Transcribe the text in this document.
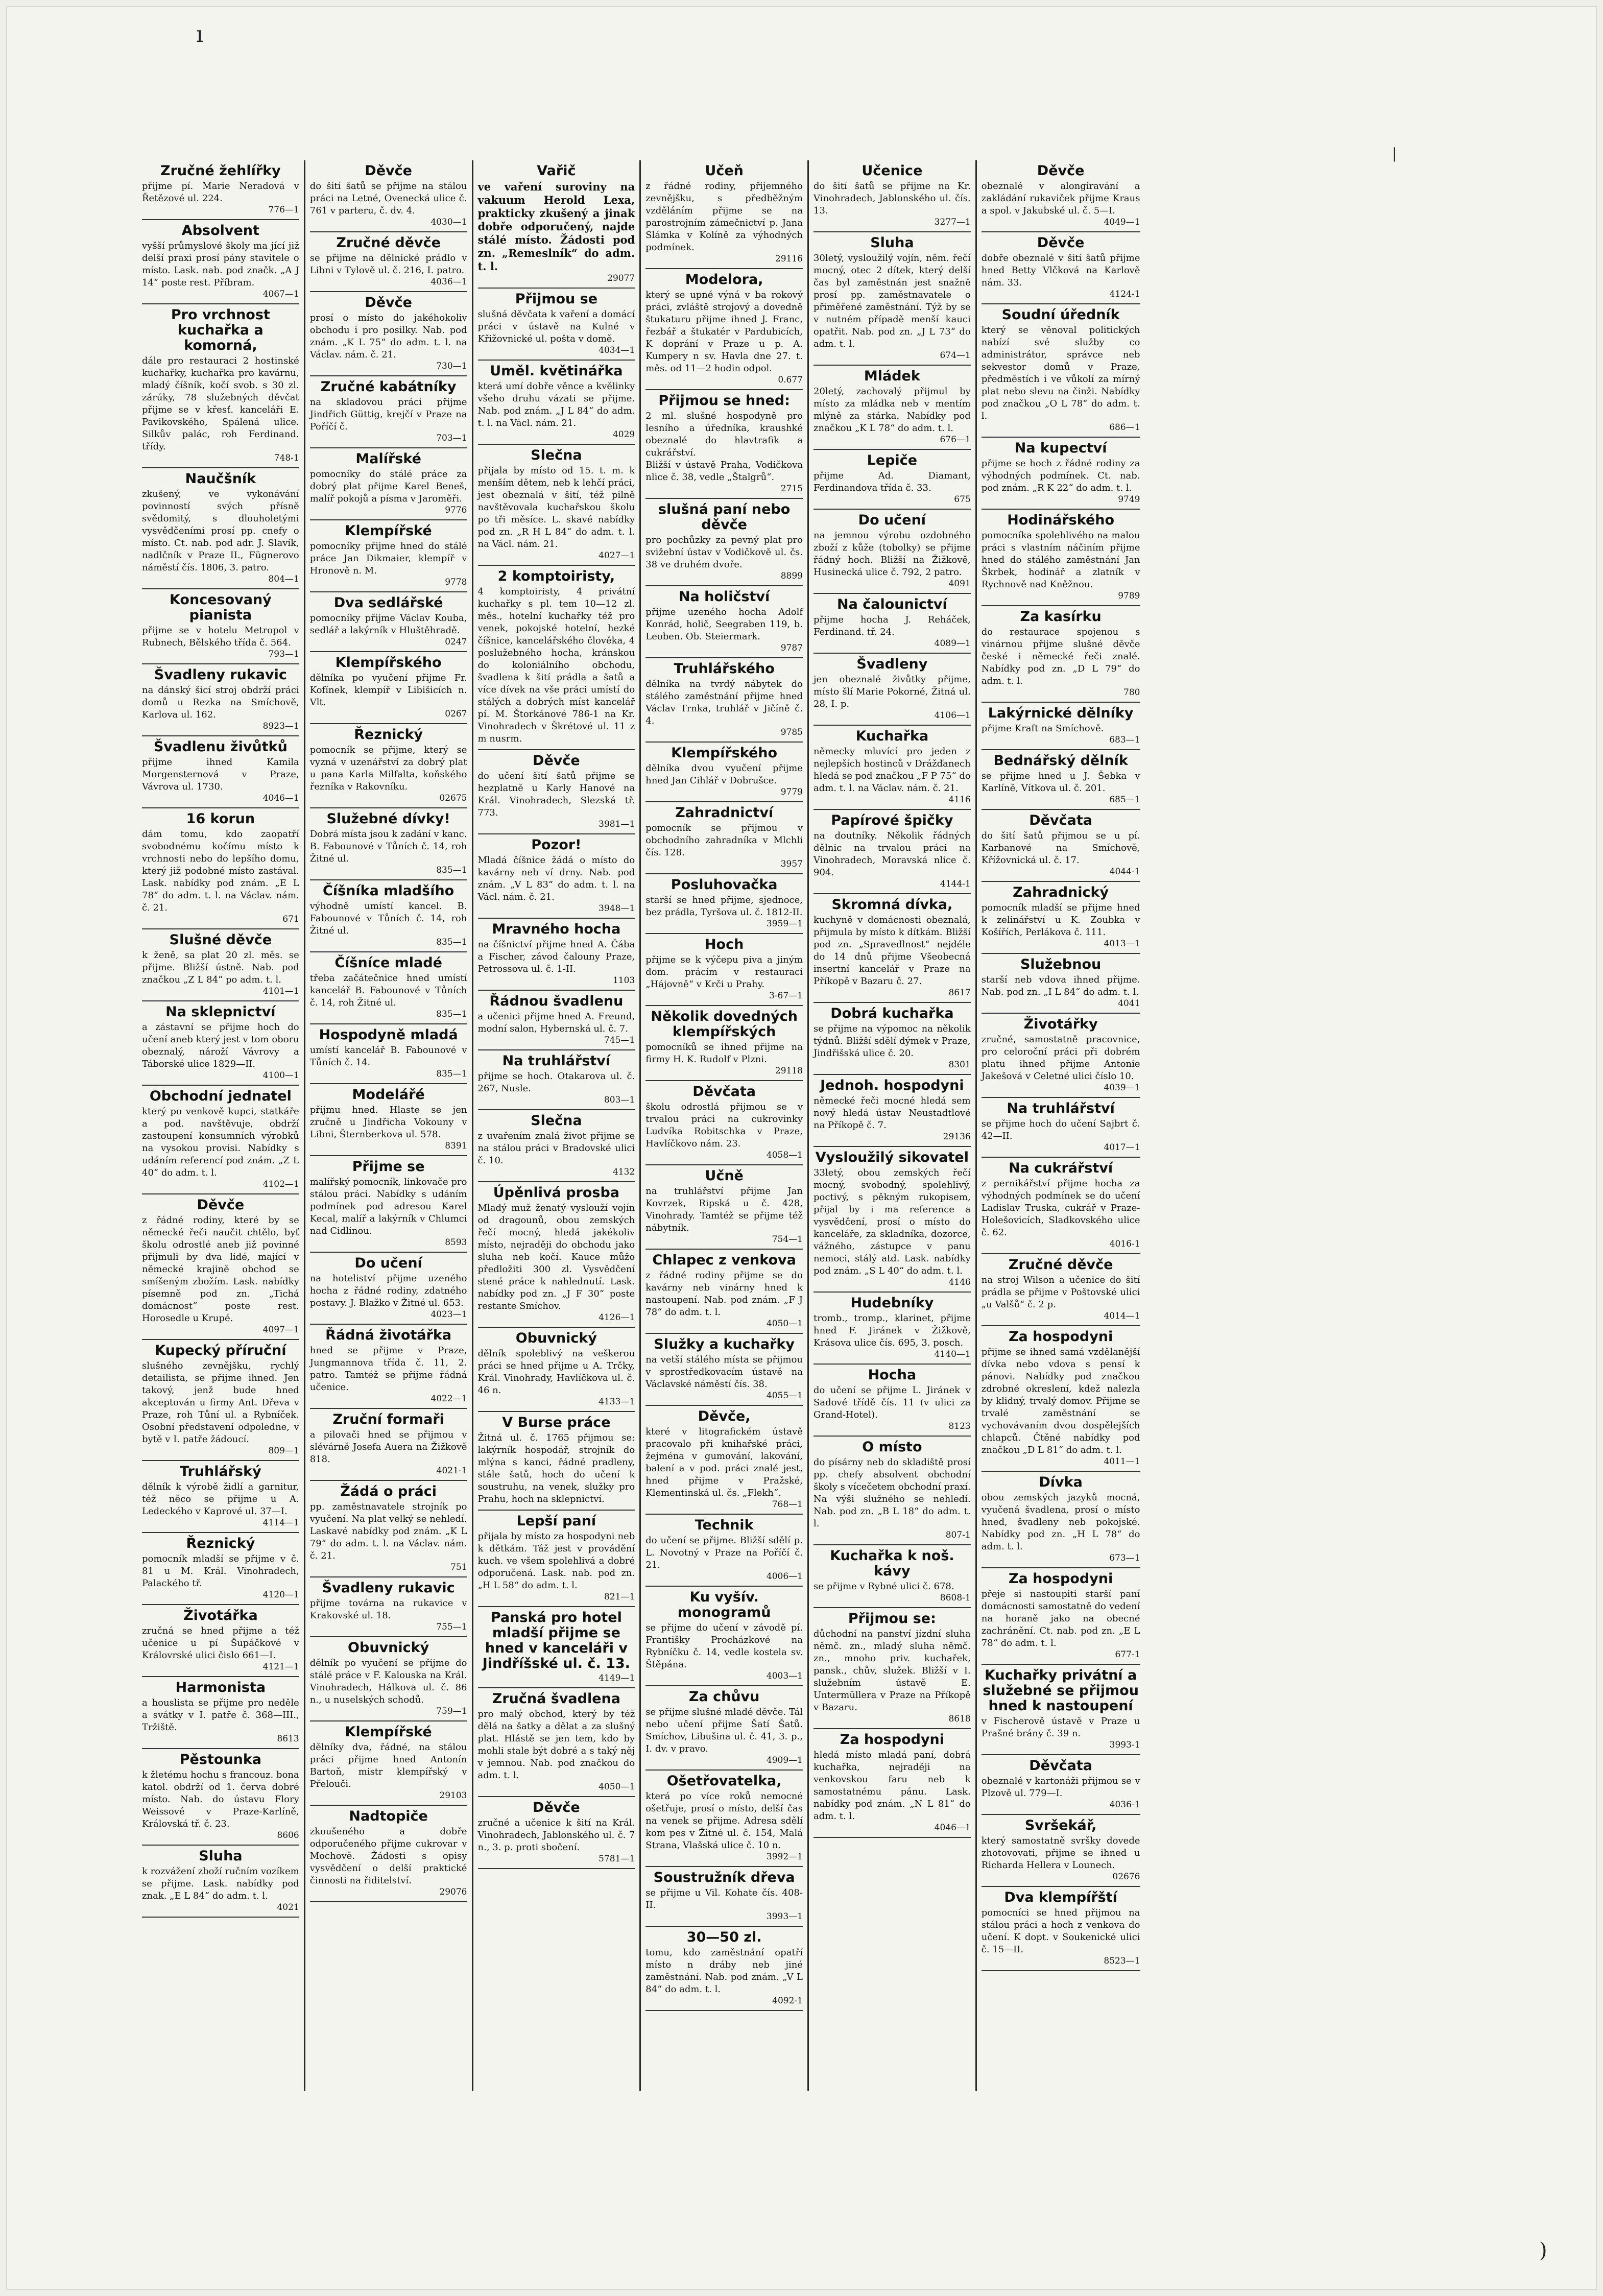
ı
|
)
Zručné žehlířky

přijme pí. Marie Neradová v Řetězové ul. 224.

776—1

Absolvent

vyšší průmyslové školy ma jící již delší praxi prosí pány stavitele o místo. Lask. nab. pod značk. „A J 14“ poste rest. Příbram.

4067—1

Pro vrchnost kuchařka a komorná,

dále pro restauraci 2 hostinské kuchařky, kuchařka pro kavárnu, mladý číšník, kočí svob. s 30 zl. zárúky, 78 služebných děvčat přijme se v křesť. kanceláři E. Pavikovského, Spálená ulice. Silkův palác, roh Ferdinand. třídy.

748-1

Naučšník

zkušený, ve vykonávání povinností svých přísně svědomitý, s dlouholetými vysvědčeními prosí pp. cnefy o místo. Ct. nab. pod adr. J. Slavík, nadlčník v Praze II., Fügnerovo náměstí čís. 1806, 3. patro.

804—1

Koncesovaný pianista

přijme se v hotelu Metropol v Rubnech, Bělského třída č. 564.

793—1

Švadleny rukavic

na dánský šicí stroj obdrží práci domů u Rezka na Smíchově, Karlova ul. 162.

8923—1

Švadlenu živůtků

přijme ihned Kamila Morgensternová v Praze, Vávrova ul. 1730.

4046—1

16 korun

dám tomu, kdo zaopatří svobodnému kočímu místo k vrchnosti nebo do lepšího domu, který již podobné místo zastával. Lask. nabídky pod znám. „E L 78“ do adm. t. l. na Václav. nám. č. 21.

671

Slušné děvče

k ženě, sa plat 20 zl. měs. se přijme. Bližší ústně. Nab. pod značkou „Z L 84“ po adm. t. l.

4101—1

Na sklepnictví

a zástavní se přijme hoch do učení aneb který jest v tom oboru obeznalý, nároží Vávrovy a Táborské ulice 1829—II.

4100—1

Obchodní jednatel

který po venkově kupci, statkáře a pod. navštěvuje, obdrží zastoupení konsumních výrobků na vysokou provisi. Nabídky s udáním referencí pod znám. „Z L 40“ do adm. t. l.

4102—1

Děvče

z řádné rodiny, které by se německé řeči naučit chtělo, byť školu odrostlé aneb již povinné přijmuli by dva lidé, mající v německé krajině obchod se smíšeným zbožím. Lask. nabídky písemně pod zn. „Tichá domácnost“ poste rest. Horosedle u Krupé.

4097—1

Kupecký příruční

slušného zevnějšku, rychlý detailista, se přijme ihned. Jen takový, jenž bude hned akceptován u firmy Ant. Dřeva v Praze, roh Tůní ul. a Rybníček. Osobní představení odpoledne, v bytě v I. patře žádoucí.

809—1

Truhlářský

dělník k výrobě židlí a garnitur, též něco se přijme u A. Ledeckého v Kaprové ul. 37—I.

4114—1

Řeznický

pomocník mladší se přijme v č. 81 u M. Král. Vinohradech, Palackého tř.

4120—1

Životářka

zručná se hned přijme a též učenice u pí Šupáčkové v Královrské ulici čislo 661—I.

4121—1

Harmonista

a houslista se přijme pro neděle a svátky v I. patře č. 368—III., Tržiště.

8613

Pěstounka

k žletému hochu s francouz. bona katol. obdrží od 1. červa dobré místo. Nab. do ústavu Flory Weissové v Praze-Karlíně, Královská tř. č. 23.

8606

Sluha

k rozvážení zboží ručním vozíkem se přijme. Lask. nabídky pod znak. „E L 84“ do adm. t. l.

4021

Děvče

do šití šatů se přijme na stálou práci na Letné, Ovenecká ulice č. 761 v parteru, č. dv. 4.

4030—1

Zručné děvče

se přijme na dělnické prádlo v Libni v Tylově ul. č. 216, I. patro.

4036—1

Děvče

prosí o místo do jakéhokoliv obchodu i pro posilky. Nab. pod znám. „K L 75“ do adm. t. l. na Václav. nám. č. 21.

730—1

Zručné kabátníky

na skladovou práci přijme Jindřich Güttig, krejčí v Praze na Poříčí č.

703—1

Malířské

pomocníky do stálé práce za dobrý plat přijme Karel Beneš, malíř pokojů a písma v Jaroměři.

9776

Klempířské

pomocníky přijme hned do stálé práce Jan Dikmaier, klempíř v Hronově n. M.

9778

Dva sedlářské

pomocníky přijme Václav Kouba, sedlář a lakýrník v Hluštěhradě.

0247

Klempířského

dělníka po vyučení přijme Fr. Kofínek, klempíř v Libišicích n. Vlt.

0267

Řeznický

pomocník se přijme, který se vyzná v uzenářství za dobrý plat u pana Karla Milfalta, koňského řezníka v Rakovníku.

02675

Služebné dívky!

Dobrá místa jsou k zadání v kanc. B. Fabounové v Tůních č. 14, roh Žitné ul.

835—1

Číšníka mladšího

výhodně umístí kancel. B. Fabounové v Tůních č. 14, roh Žitné ul.

835—1

Číšníce mladé

třeba začátečnice hned umístí kancelář B. Fabounové v Tůních č. 14, roh Žitné ul.

835—1

Hospodyně mladá

umístí kancelář B. Fabounové v Tůních č. 14.

835—1

Modelářé

přijmu hned. Hlaste se jen zručně u Jindřicha Vokouny v Libni, Šternberkova ul. 578.

8391

Přijme se

malířský pomocník, linkovače pro stálou práci. Nabídky s udáním podmínek pod adresou Karel Kecal, malíř a lakýrník v Chlumci nad Cidlinou.

8593

Do učení

na hoteliství přijme uzeného hocha z řádné rodiny, zdatného postavy. J. Blažko v Žitné ul. 653.

4023—1

Řádná životářka

hned se přijme v Praze, Jungmannova třída č. 11, 2. patro. Tamtéž se přijme řádná učenice.

4022—1

Zruční formaři

a pilovači hned se přijmou v slévárně Josefa Auera na Žižkově 818.

4021-1

Žádá o práci

pp. zaměstnavatele strojník po vyučení. Na plat velký se nehledí. Laskavé nabídky pod znám. „K L 79“ do adm. t. l. na Václav. nám. č. 21.

751

Švadleny rukavic

přijme továrna na rukavice v Krakovské ul. 18.

755—1

Obuvnický

dělník po vyučení se přijme do stálé práce v F. Kalouska na Král. Vinohradech, Hálkova ul. č. 86 n., u nuselských schodů.

759—1

Klempířské

dělníky dva, řádné, na stálou práci přijme hned Antonín Bartoň, mistr klempířský v Přelouči.

29103

Nadtopiče

zkoušeného a dobře odporučeného přijme cukrovar v Mochově. Žádosti s opisy vysvědčení o delší praktické činnosti na řiditelství.

29076

Vařič

ve vaření suroviny na vakuum Herold Lexa, prakticky zkušený a jinak dobře odporučený, najde stálé místo. Žádosti pod zn. „Remeslník“ do adm. t. l.

29077

Přijmou se

slušná děvčata k vaření a domácí práci v ústavě na Kulné v Křižovnické ul. pošta v domě.

4034—1

Uměl. květinářka

která umí dobře věnce a kvělinky všeho druhu vázati se přijme. Nab. pod znám. „J L 84“ do adm. t. l. na Václ. nám. 21.

4029

Slečna

přijala by místo od 15. t. m. k menším dětem, neb k lehčí práci, jest obeznalá v šití, též pilně navštěvovala kuchařskou školu po tři měsíce. L. skavé nabídky pod zn. „R H L 84“ do adm. t. l. na Václ. nám. 21.

4027—1

2 komptoiristy,

4 komptoiristy, 4 privátní kuchařky s pl. tem 10—12 zl. měs., hotelní kuchařky též pro venek, pokojské hotelní, hezké číšnice, kancelářského člověka, 4 poslužebného hocha, kránskou do koloniálního obchodu, švadlena k šití prádla a šatů a více dívek na vše práci umístí do stálých a dobrých míst kancelář pí. M. Štorkánové 786-1 na Kr. Vinohradech v Škrétové ul. 11 z m nusrm.

Děvče

do učení šití šatů přijme se hezplatně u Karly Hanové na Král. Vinohradech, Slezská tř. 773.

3981—1

Pozor!

Mladá číšnice žádá o místo do kavárny neb ví drny. Nab. pod znám. „V L 83“ do adm. t. l. na Václ. nám. č. 21.

3948—1

Mravného hocha

na číšnictví přijme hned A. Čába a Fischer, závod čalouny Praze, Petrossova ul. č. 1-II.

1103

Řádnou švadlenu

a učenici přijme hned A. Freund, modní salon, Hybernská ul. č. 7.

745—1

Na truhlářství

přijme se hoch. Otakarova ul. č. 267, Nusle.

803—1

Slečna

z uvařením znalá život přijme se na stálou práci v Bradovské ulici č. 10.

4132

Úpěnlivá prosba

Mladý muž ženatý vyslouží vojín od dragounů, obou zemských řečí mocný, hledá jakékoliv místo, nejraději do obchodu jako sluha neb kočí. Kauce můžo předložiti 300 zl. Vysvědčení stené práce k nahlednutí. Lask. nabídky pod zn. „J F 30“ poste restante Smíchov.

4126—1

Obuvnický

dělník spoleblivý na veškerou práci se hned přijme u A. Trčky, Král. Vinohrady, Havlíčkova ul. č. 46 n.

4133—1

V Burse práce

Žitná ul. č. 1765 přijmou se: lakýrník hospodář, strojník do mlýna s kanci, řádné pradleny, stále šatů, hoch do učení k soustruhu, na venek, služky pro Prahu, hoch na sklepnictví.

Lepší paní

přijala by místo za hospodyni neb k dětkám. Táž jest v provádění kuch. ve všem spolehlivá a dobré odporučená. Lask. nab. pod zn. „H L 58“ do adm. t. l.

821—1

Panská pro hotel mladší přijme se hned v kanceláři v Jindříšské ul. č. 13.

4149—1

Zručná švadlena

pro malý obchod, který by též dělá na šatky a dělat a za slušný plat. Hlástě se jen tem, kdo by mohli stale být dobré a s taký něj v jemnou. Nab. pod značkou do adm. t. l.

4050—1

Děvče

zručné a učenice k šití na Král. Vinohradech, Jablonského ul. č. 7 n., 3. p. proti sbočení.

5781—1

Učeň

z řádné rodiny, přijemného zevnějšku, s předběžným vzděláním přijme se na parostrojním zámečnictví p. Jana Slámka v Kolíně za výhodných podmínek.

29116

Modelora,

který se upné výná v ba rokový práci, zvláště strojový a dovedně štukaturu přijme ihned J. Franc, řezbář a štukatér v Pardubicích, K doprání v Praze u p. A. Kumpery n sv. Havla dne 27. t. měs. od 11—2 hodin odpol.

0.677

Přijmou se hned:

2 ml. slušné hospodyně pro lesního a úředníka, kraushké obeznalé do hlavtrafik a cukrářství.
Bližší v ústavě Praha, Vodičkova nlice č. 38, vedle „Štalgrů“.

2715

slušná paní nebo děvče

pro pochůzky za pevný plat pro svižební ústav v Vodičkově ul. čs. 38 ve druhém dvoře.

8899

Na holičství

přijme uzeného hocha Adolf Konrád, holič, Seegraben 119, b. Leoben. Ob. Steiermark.

9787

Truhlářského

dělníka na tvrdý nábytek do stálého zaměstnání přijme hned Václav Trnka, truhlář v Jičíně č. 4.

9785

Klempířského

dělníka dvou vyučení přijme hned Jan Cihlář v Dobrušce.

9779

Zahradnictví

pomocník se přijmou v obchodního zahradníka v Mlchli čís. 128.

3957

Posluhovačka

starší se hned přijme, sjednoce, bez prádla, Tyršova ul. č. 1812-II.

3959—1

Hoch

přijme se k výčepu piva a jiným dom. prácím v restauraci „Hájovně“ v Krči u Prahy.

3-67—1

Několik dovedných klempířských

pomocníků se ihned přijme na firmy H. K. Rudolf v Plzni.

29118

Děvčata

školu odrostlá přijmou se v trvalou práci na cukrovinky Ludvíka Robitschka v Praze, Havlíčkovo nám. 23.

4058—1

Učně

na truhlářství přijme Jan Kovrzek, Ripská u č. 428, Vinohrady. Tamtéž se přijme též nábytník.

754—1

Chlapec z venkova

z řádné rodiny přijme se do kavárny neb vinárny hned k nastoupení. Nab. pod znám. „F J 78“ do adm. t. l.

4050—1

Služky a kuchařky

na vetší stálého místa se přijmou v sprostředkovacím ústavě na Václavské náměstí čís. 38.

4055—1

Děvče,

které v litografickém ústavě pracovalo při knihařské práci, žejména v gumování, lakování, balení a v pod. práci znalé jest, hned přijme v Pražské, Klementinská ul. čs. „Flekh“.

768—1

Technik

do učení se přijme. Bližší sdělí p. L. Novotný v Praze na Poříčí č. 21.

4006—1

Ku vyšív. monogramů

se přijme do učení v závodě pí. Františky Procházkové na Rybníčku č. 14, vedle kostela sv. Štěpána.

4003—1

Za chůvu

se přijme slušné mladé děvče. Tál nebo učení přijme Šatí Šatů. Smíchov, Libušina ul. č. 41, 3. p., I. dv. v pravo.

4909—1

Ošetřovatelka,

která po více roků nemocné ošetřuje, prosí o místo, delší čas na venek se přijme. Adresa sdělí kom pes v Žitné ul. č. 154, Malá Strana, Vlašská ulice č. 10 n.

3992—1

Soustružník dřeva

se přijme u Vil. Kohate čís. 408-II.

3993—1

30—50 zl.

tomu, kdo zaměstnání opatří místo n dráby neb jiné zaměstnání. Nab. pod znám. „V L 84“ do adm. t. l.

4092-1

Učenice

do šití šatů se přijme na Kr. Vinohradech, Jablonského ul. čís. 13.

3277—1

Sluha

30letý, vysloužilý vojín, něm. řečí mocný, otec 2 dítek, který delší čas byl zaměstnán jest snažně prosí pp. zaměstnavatele o přiměřené zaměstnání. Týž by se v nutném případě menší kauci opatřit. Nab. pod zn. „J L 73“ do adm. t. l.

674—1

Mládek

20letý, zachovalý přijmul by místo za mládka neb v mentím mlýně za stárka. Nabídky pod značkou „K L 78“ do adm. t. l.

676—1

Lepiče

přijme Ad. Diamant, Ferdinandova třída č. 33.

675

Do učení

na jemnou výrobu ozdobného zboží z kůže (tobolky) se přijme řádný hoch. Bližší na Žižkově, Husinecká ulice č. 792, 2 patro.

4091

Na čalounictví

přijme hocha J. Reháček, Ferdinand. tř. 24.

4089—1

Švadleny

jen obeznalé živůtky přijme, místo šlí Marie Pokorné, Žitná ul. 28, I. p.

4106—1

Kuchařka

německy mluvící pro jeden z nejlepších hostinců v Drážďanech hledá se pod značkou „F P 75“ do adm. t. l. na Václav. nám. č. 21.

4116

Papírové špičky

na doutníky. Několik řádných dělnic na trvalou práci na Vinohradech, Moravská nlice č. 904.

4144-1

Skromná dívka,

kuchyně v domácnosti obeznalá, přijmula by místo k dítkám. Bližší pod zn. „Spravedlnost“ nejdéle do 14 dnů přijme Všeobecná insertní kancelář v Praze na Příkopě v Bazaru č. 27.

8617

Dobrá kuchařka

se přijme na výpomoc na několik týdnů. Bližší sdělí dýmek v Praze, Jindřišská ulice č. 20.

8301

Jednoh. hospodyni

německé řeči mocné hledá sem nový hledá ústav Neustadtlové na Příkopě č. 7.

29136

Vysloužilý sikovatel

33letý, obou zemských řečí mocný, svobodný, spolehlivý, poctivý, s pěkným rukopisem, přijal by i ma reference a vysvědčení, prosí o místo do kanceláře, za skladníka, dozorce, vážného, zástupce v panu nemoci, stálý atd. Lask. nabídky pod znám. „S L 40“ do adm. t. l.

4146

Hudebníky

tromb., tromp., klarinet, přijme hned F. Jiránek v Žižkově, Krásova ulice čís. 695, 3. posch.

4140—1

Hocha

do učení se přijme L. Jiránek v Sadové třídě čís. 11 (v ulici za Grand-Hotel).

8123

O místo

do písárny neb do skladiště prosí pp. chefy absolvent obchodní školy s vícečetem obchodní praxí. Na výši služného se nehledí. Nab. pod zn. „B L 18“ do adm. t. l.

807-1

Kuchařka k noš. kávy

se přijme v Rybné ulici č. 678.

8608-1

Přijmou se:

důchodní na panství jízdní sluha němč. zn., mladý sluha němč. zn., mnoho priv. kuchařek, pansk., chův, služek. Bližší v I. služebním ústavě E. Untermüllera v Praze na Příkopě v Bazaru.

8618

Za hospodyni

hledá místo mladá paní, dobrá kuchařka, nejraději na venkovskou faru neb k samostatnému pánu. Lask. nabídky pod znám. „N L 81“ do adm. t. l.

4046—1

Děvče

obeznalé v alongiravání a zakládání rukaviček přijme Kraus a spol. v Jakubské ul. č. 5—I.

4049—1

Děvče

dobře obeznalé v šití šatů přijme hned Betty Vlčková na Karlově nám. 33.

4124-1

Soudní úředník

který se věnoval politických nabízí své služby co administrátor, správce neb sekvestor domů v Praze, předměstích i ve vůkolí za mírný plat nebo slevu na činži. Nabídky pod značkou „O L 78“ do adm. t. l.

686—1

Na kupectví

přijme se hoch z řádné rodiny za výhodných podmínek. Ct. nab. pod znám. „R K 22“ do adm. t. l.

9749

Hodinářského

pomocníka spolehlivého na malou práci s vlastním náčiním přijme hned do stálého zaměstnání Jan Škrbek, hodinář a zlatník v Rychnově nad Kněžnou.

9789

Za kasírku

do restaurace spojenou s vinárnou přijme slušné děvče české i německé řeči znalé. Nabídky pod zn. „D L 79“ do adm. t. l.

780

Lakýrnické dělníky

přijme Kraft na Smíchově.

683—1

Bednářský dělník

se přijme hned u J. Šebka v Karlíně, Vítkova ul. č. 201.

685—1

Děvčata

do šití šatů přijmou se u pí. Karbanové na Smíchově, Křížovnická ul. č. 17.

4044-1

Zahradnický

pomocník mladší se přijme hned k zelinářství u K. Zoubka v Košířích, Perlákova č. 111.

4013—1

Služebnou

starší neb vdova ihned přijme. Nab. pod zn. „I L 84“ do adm. t. l.

4041

Životářky

zručné, samostatně pracovnice, pro celoroční práci při dobrém platu ihned přijme Antonie Jakešová v Celetné ulici číslo 10.

4039—1

Na truhlářství

se přijme hoch do učení Sajbrt č. 42—II.

4017—1

Na cukrářství

z pernikářství přijme hocha za výhodných podmínek se do učení Ladislav Truska, cukrář v Praze-Holešovicích, Sladkovského ulice č. 62.

4016-1

Zručné děvče

na stroj Wilson a učenice do šití prádla se přijme v Poštovské ulici „u Valšů“ č. 2 p.

4014—1

Za hospodyni

přijme se ihned samá vzdělanější dívka nebo vdova s pensí k pánovi. Nabídky pod značkou zdrobné okreslení, kdež nalezla by klidný, trvalý domov. Přijme se trvalé zaměstnání se vychovávaním dvou dospělejších chlapců. Čtěné nabídky pod značkou „D L 81“ do adm. t. l.

4011—1

Dívka

obou zemských jazyků mocná, vyučená švadlena, prosí o místo hned, švadleny neb pokojské. Nabídky pod zn. „H L 78“ do adm. t. l.

673—1

Za hospodyni

přeje si nastoupiti starší paní domácnosti samostatně do vedení na horaně jako na obecné zachránění. Ct. nab. pod zn. „E L 78“ do adm. t. l.

677-1

Kuchařky privátní a služebné se přijmou hned k nastoupení

v Fischerově ústavě v Praze u Prašné brány č. 39 n.

3993-1

Děvčata

obeznalé v kartonáži přijmou se v Plzově ul. 779—I.

4036-1

Svršekář,

který samostatně svršky dovede zhotovovati, přijme se ihned u Richarda Hellera v Lounech.

02676

Dva klempířští

pomocníci se hned přijmou na stálou práci a hoch z venkova do učení. K dopt. v Soukenické ulici č. 15—II.

8523—1
